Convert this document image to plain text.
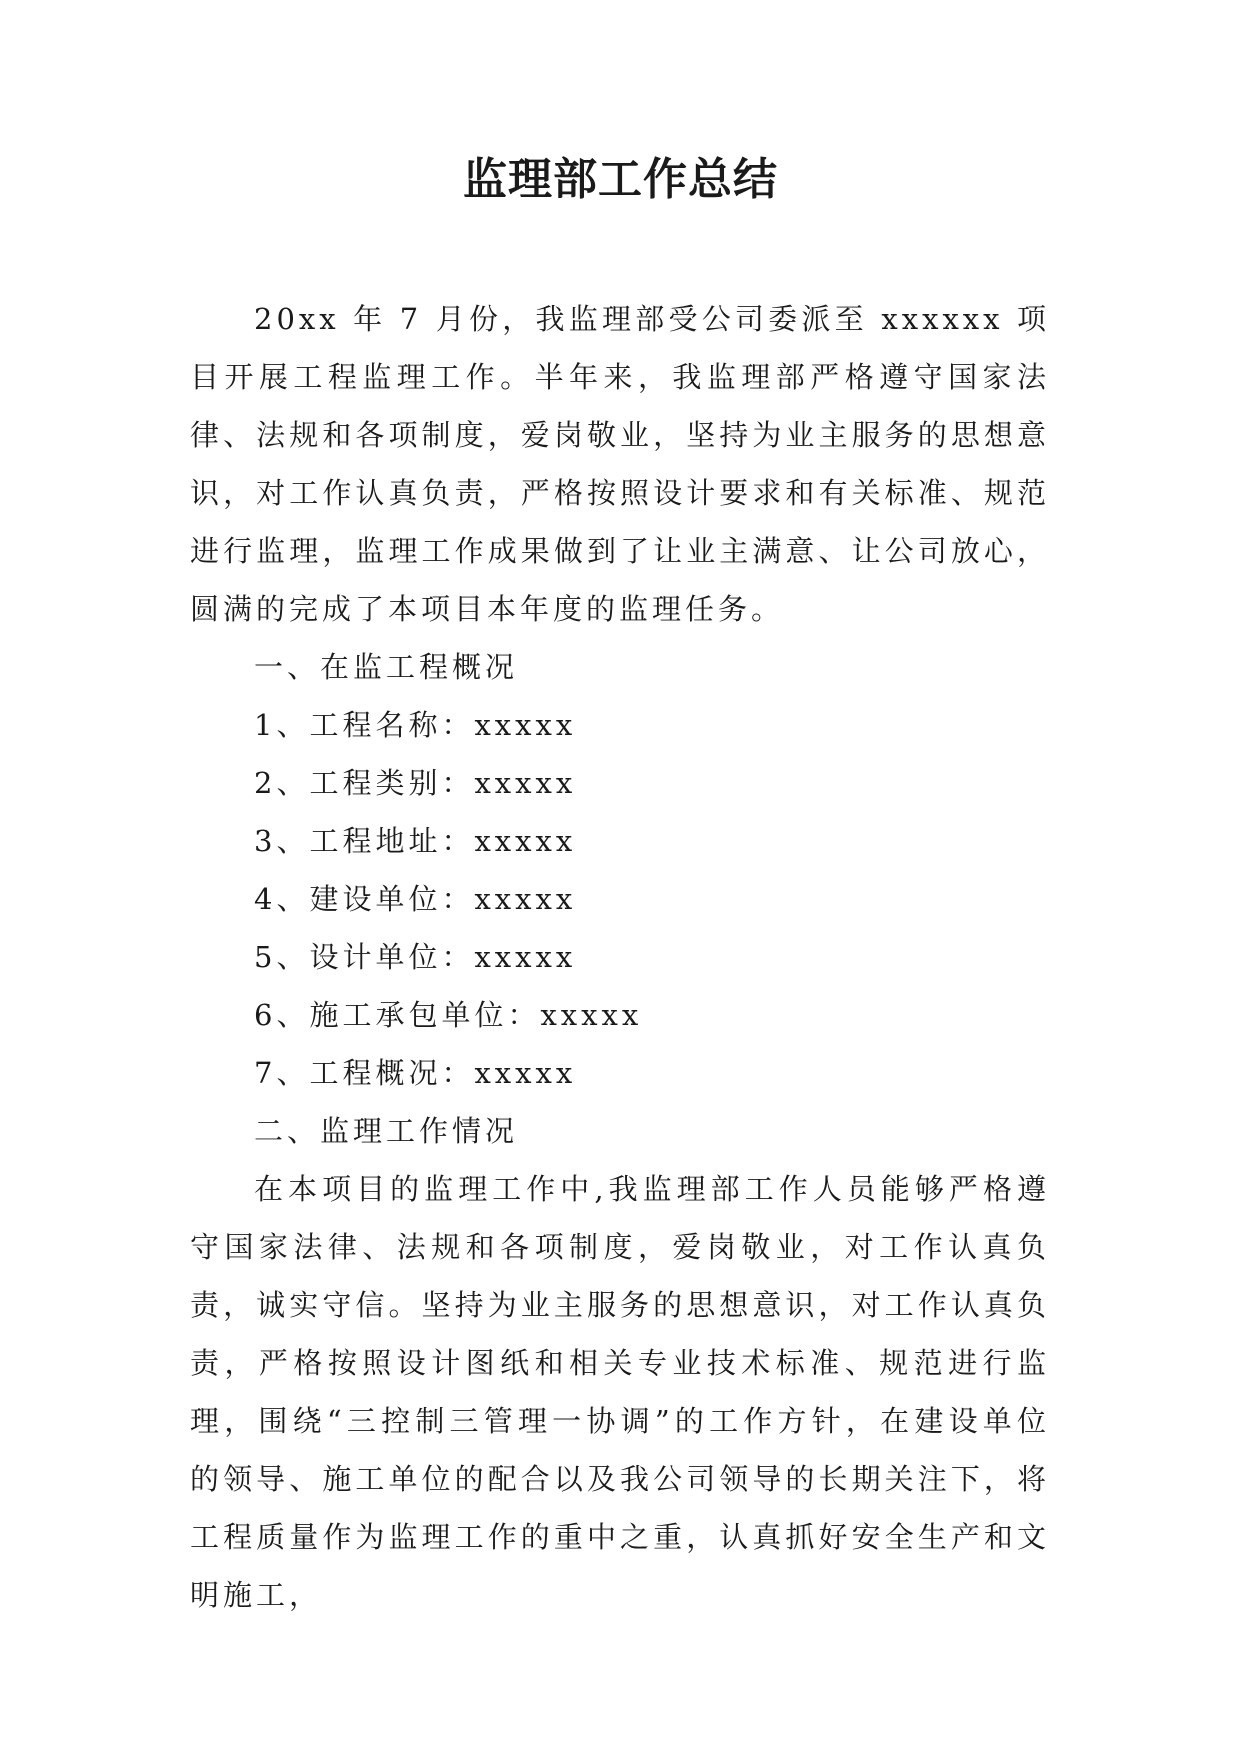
监理部工作总结

20xx 年 7 月份，我监理部受公司委派至 xxxxxx 项目开展工程监理工作。半年来，我监理部严格遵守国家法律、法规和各项制度，爱岗敬业，坚持为业主服务的思想意识，对工作认真负责，严格按照设计要求和有关标准、规范进行监理，监理工作成果做到了让业主满意、让公司放心，圆满的完成了本项目本年度的监理任务。

一、在监工程概况

1、工程名称：xxxxx

2、工程类别：xxxxx

3、工程地址：xxxxx

4、建设单位：xxxxx

5、设计单位：xxxxx

6、施工承包单位：xxxxx

7、工程概况：xxxxx

二、监理工作情况

在本项目的监理工作中,我监理部工作人员能够严格遵守国家法律、法规和各项制度，爱岗敬业，对工作认真负责，诚实守信。坚持为业主服务的思想意识，对工作认真负责，严格按照设计图纸和相关专业技术标准、规范进行监理，围绕“三控制三管理一协调”的工作方针，在建设单位的领导、施工单位的配合以及我公司领导的长期关注下，将工程质量作为监理工作的重中之重，认真抓好安全生产和文明施工，
